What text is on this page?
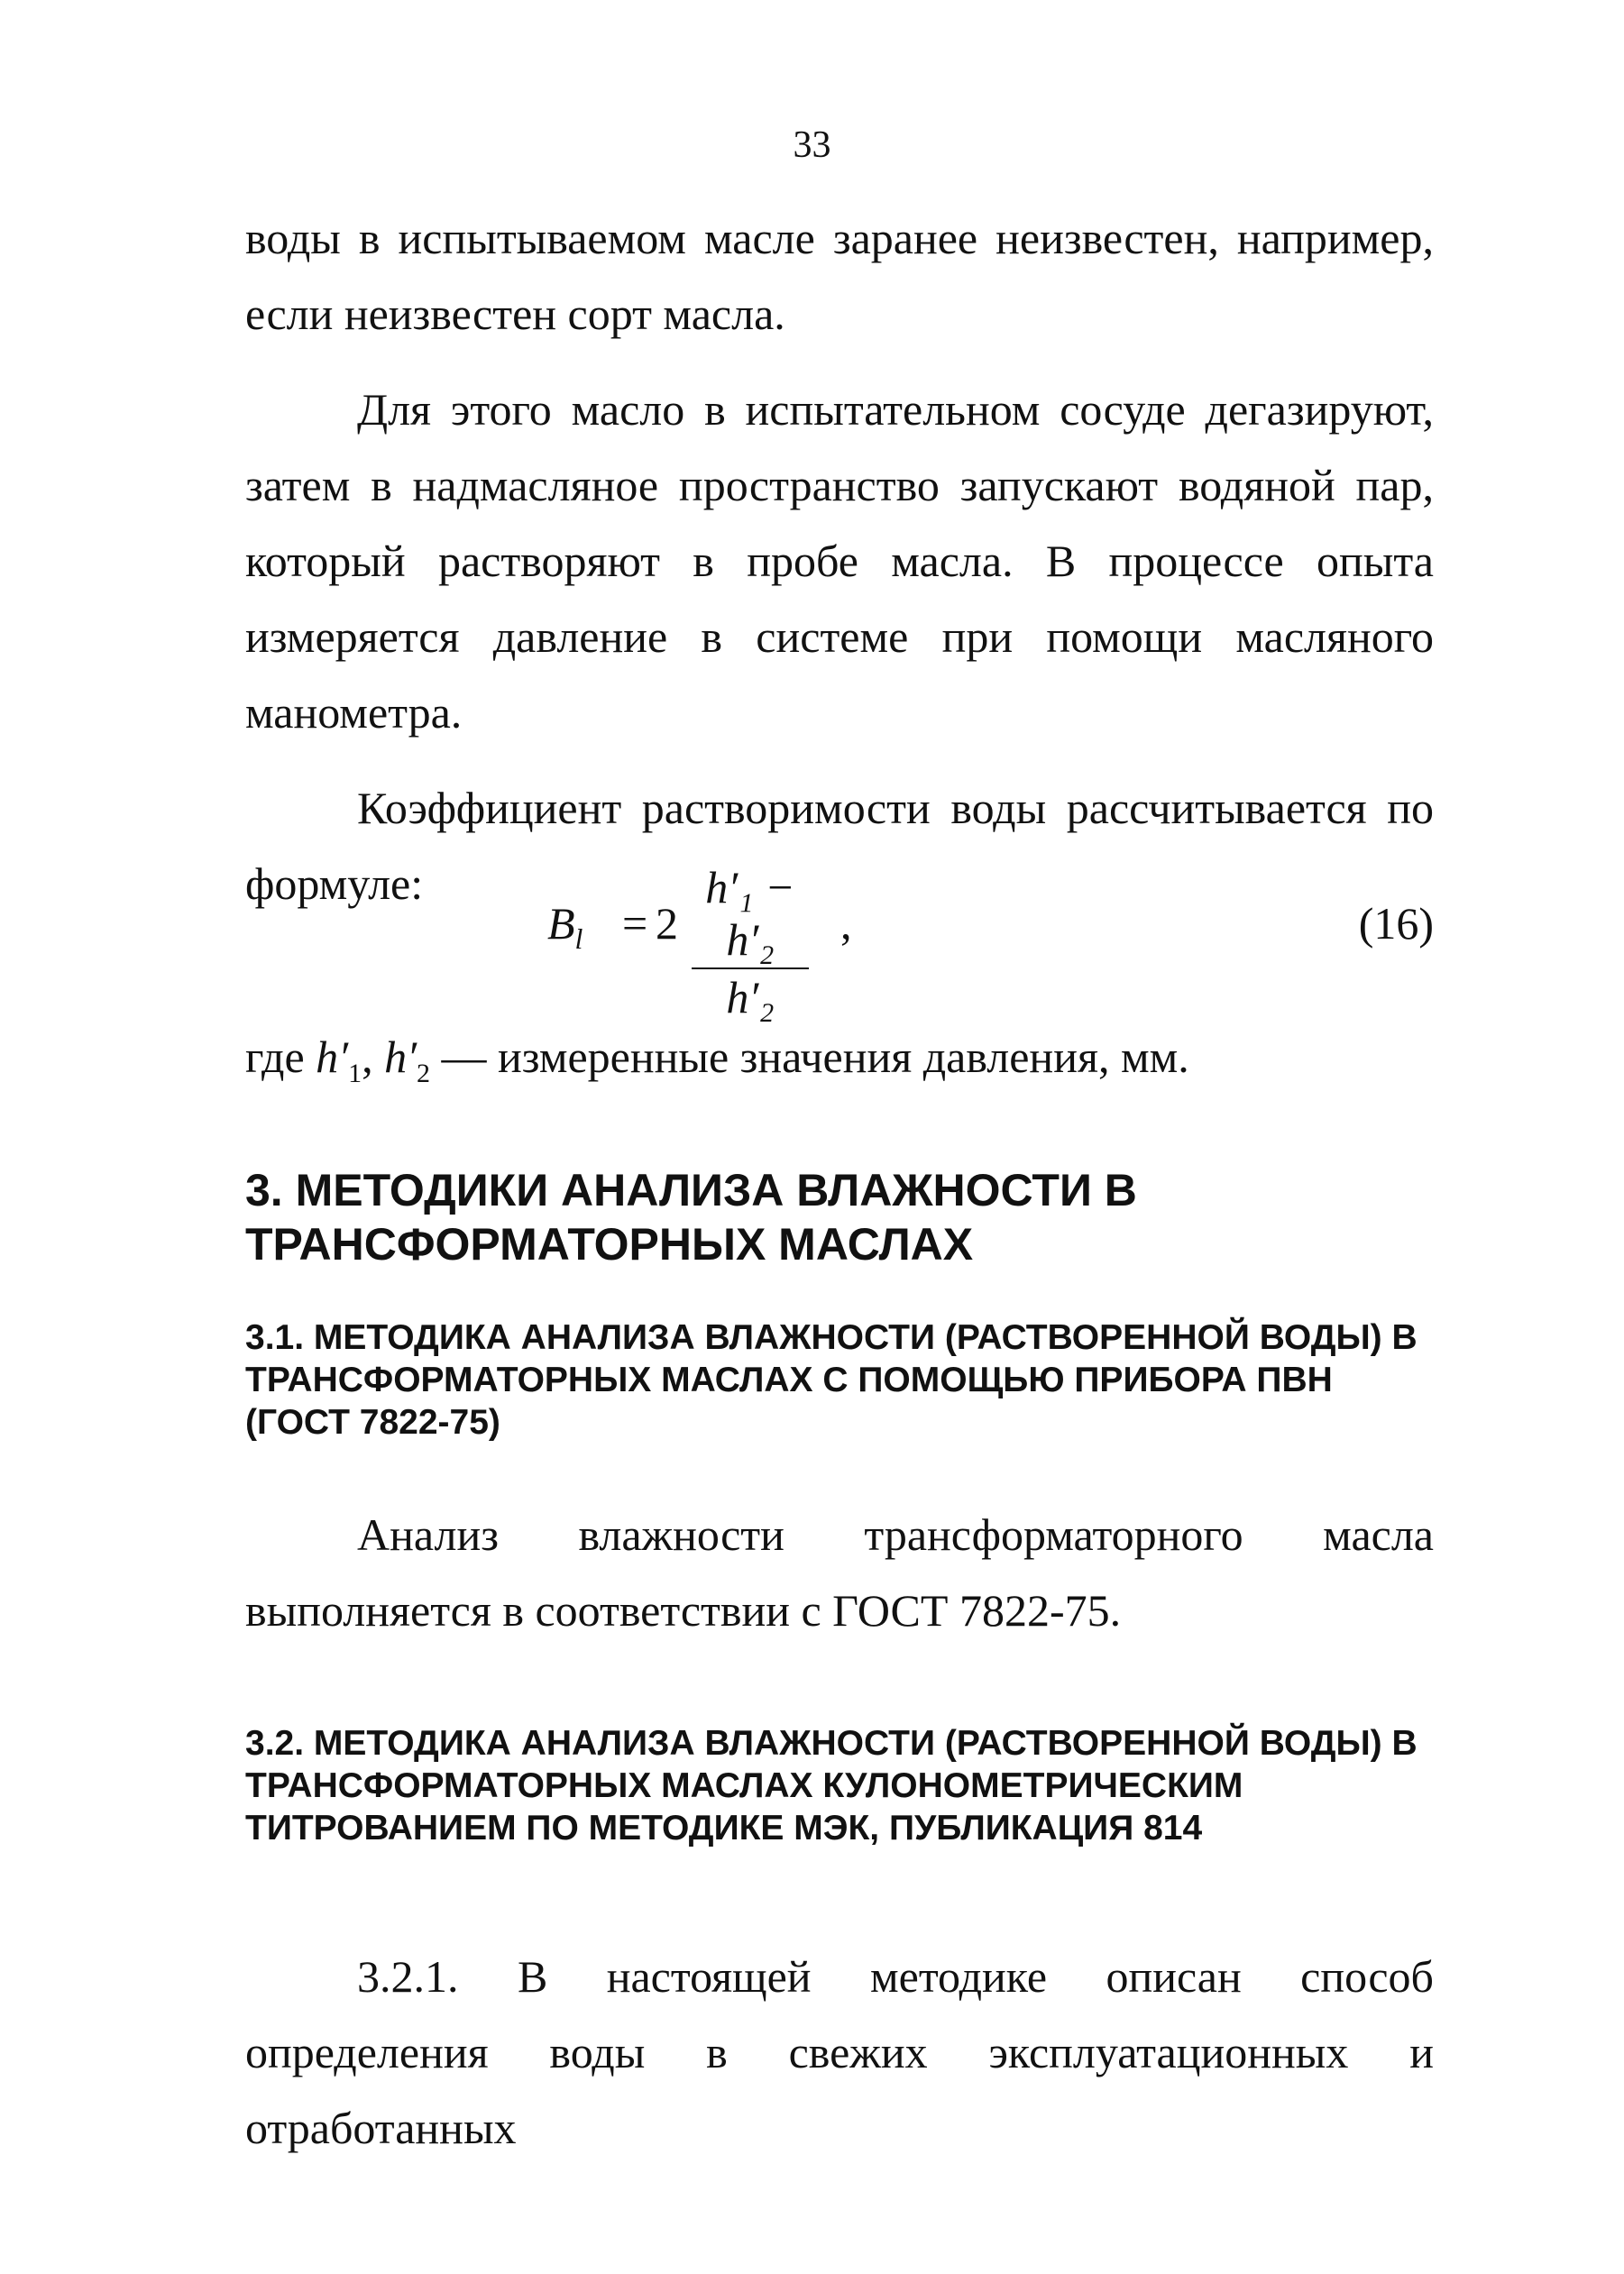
33

воды в испытываемом масле заранее неизвестен, например, если неизвестен сорт масла.

Для этого масло в испытательном сосуде дегазируют, затем в надмасляное пространство запускают водяной пар, который растворяют в пробе масла. В процессе опыта измеряется давление в системе при помощи масляного манометра.

Коэффициент растворимости воды рассчитывается по формуле:

$B_l = 2$
h′₁ − h′₂
h′₂
,	(16)
где $h'_1$, $h'_2$ — измеренные значения давления, мм.
3. МЕТОДИКИ АНАЛИЗА ВЛАЖНОСТИ В ТРАНСФОРМАТОРНЫХ МАСЛАХ
3.1. МЕТОДИКА АНАЛИЗА ВЛАЖНОСТИ (РАСТВОРЕННОЙ ВОДЫ) В ТРАНСФОРМАТОРНЫХ МАСЛАХ С ПОМОЩЬЮ ПРИБОРА ПВН (ГОСТ 7822-75)

Анализ влажности трансформаторного масла выполняется в соответствии с ГОСТ 7822-75.

3.2. МЕТОДИКА АНАЛИЗА ВЛАЖНОСТИ (РАСТВОРЕННОЙ ВОДЫ) В ТРАНСФОРМАТОРНЫХ МАСЛАХ КУЛОНОМЕТРИЧЕСКИМ ТИТРОВАНИЕМ ПО МЕТОДИКЕ МЭК, ПУБЛИКАЦИЯ 814

3.2.1. В настоящей методике описан способ определения воды в свежих эксплуатационных и отработанных
